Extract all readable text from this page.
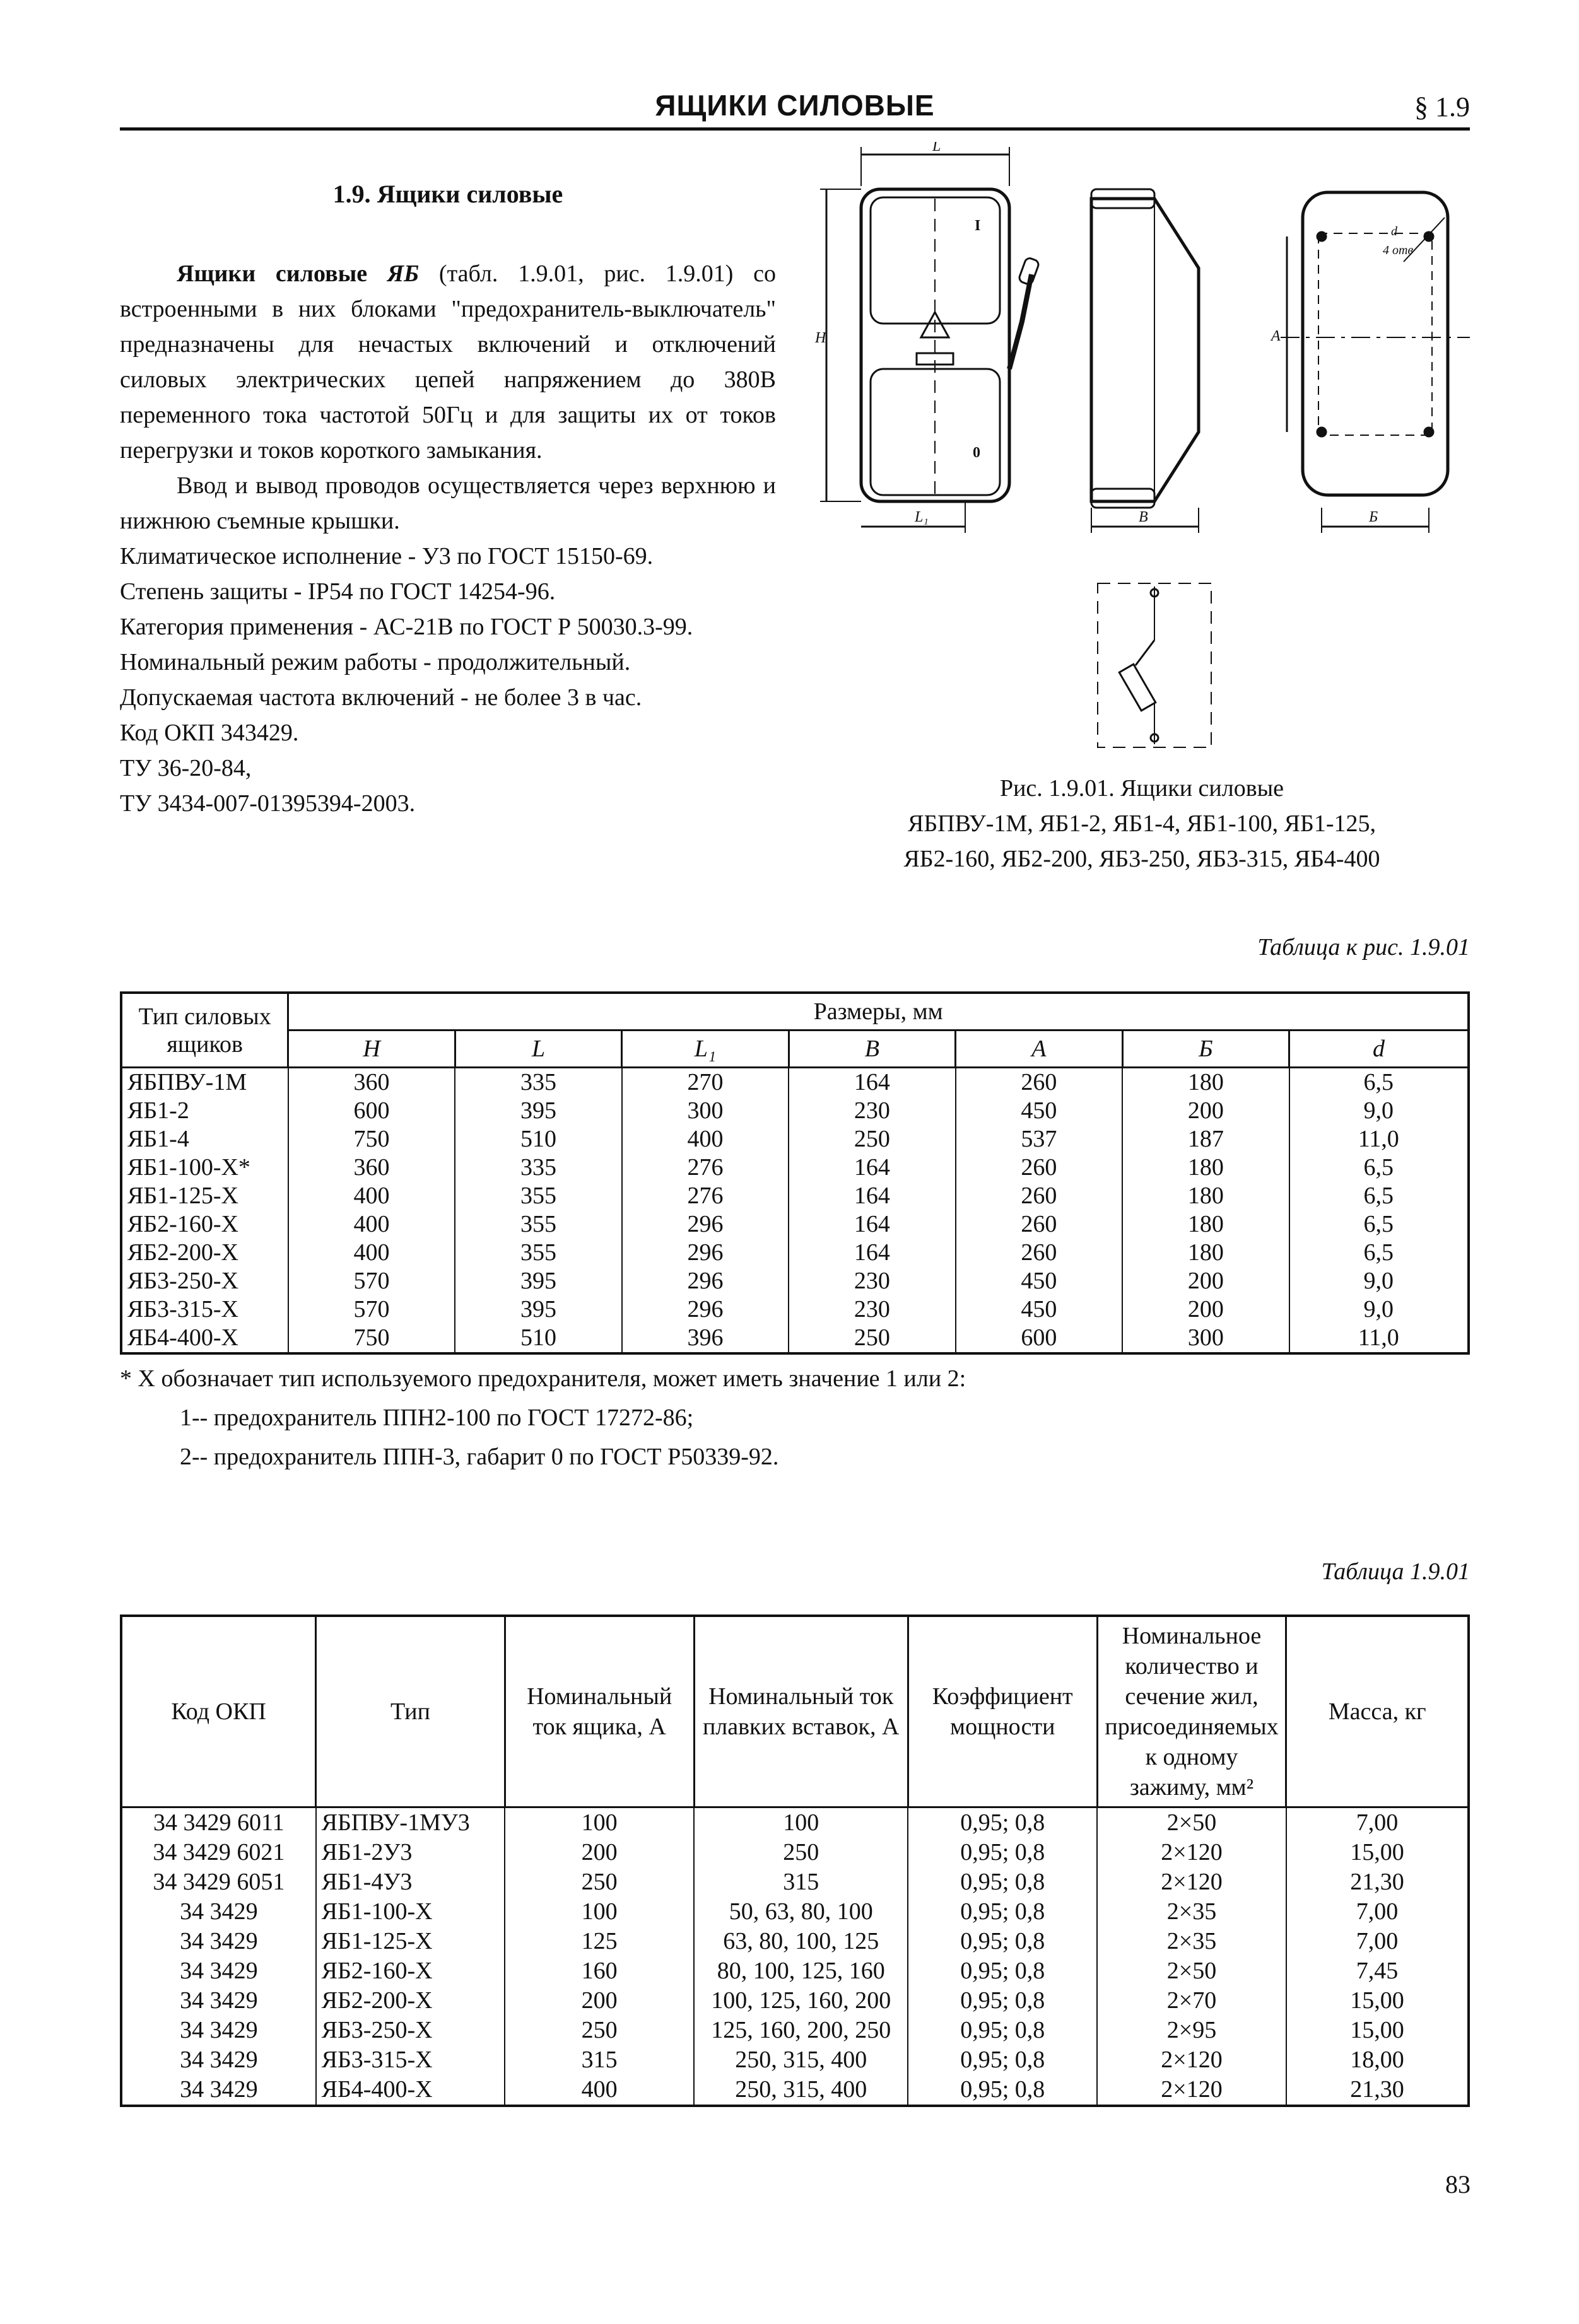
ЯЩИКИ СИЛОВЫЕ	§ 1.9
1.9. Ящики силовые

Ящики силовые ЯБ (табл. 1.9.01, рис. 1.9.01) со встроенными в них блоками "предохранитель-выключатель" предназначены для нечастых включений и отключений силовых электрических цепей напряжением до 380В переменного тока частотой 50Гц и для защиты их от токов перегрузки и токов короткого замыкания.

Ввод и вывод проводов осуществляется через верхнюю и нижнюю съемные крышки.

Климатическое исполнение - У3 по ГОСТ 15150-69.

Степень защиты - IP54 по ГОСТ 14254-96.

Категория применения - АС-21В по ГОСТ Р 50030.3-99.

Номинальный режим работы - продолжительный.

Допускаемая частота включений - не более 3 в час.

Код ОКП 343429.

ТУ 36-20-84,

ТУ 3434-007-01395394-2003.

L
I
0
H
L₁	B
4 отв
d
A
Б
Рис. 1.9.01. Ящики силовые
ЯБПВУ-1М, ЯБ1-2, ЯБ1-4, ЯБ1-100, ЯБ1-125,
ЯБ2-160, ЯБ2-200, ЯБ3-250, ЯБ3-315, ЯБ4-400
Таблица к рис. 1.9.01
Тип силовых ящиков	Размеры, мм						
	H	L	L₁	B	A	Б	d
ЯБПВУ-1М	360	335	270	164	260	180	6,5
ЯБ1-2	600	395	300	230	450	200	9,0
ЯБ1-4	750	510	400	250	537	187	11,0
ЯБ1-100-Х*	360	335	276	164	260	180	6,5
ЯБ1-125-Х	400	355	276	164	260	180	6,5
ЯБ2-160-Х	400	355	296	164	260	180	6,5
ЯБ2-200-Х	400	355	296	164	260	180	6,5
ЯБ3-250-Х	570	395	296	230	450	200	9,0
ЯБ3-315-Х	570	395	296	230	450	200	9,0
ЯБ4-400-Х	750	510	396	250	600	300	11,0

* Х обозначает тип используемого предохранителя, может иметь значение 1 или 2:

1-- предохранитель ППН2-100 по ГОСТ 17272-86;

2-- предохранитель ППН-3, габарит 0 по ГОСТ Р50339-92.

Таблица 1.9.01
Код ОКП	Тип	Номинальный ток ящика, А	Номинальный ток плавких вставок, А	Коэффициент мощности	Номинальное количество и сечение жил, присоединяемых к одному зажиму, мм²	Масса, кг
34 3429 6011	ЯБПВУ-1МУ3	100	100	0,95; 0,8	2×50	7,00
34 3429 6021	ЯБ1-2У3	200	250	0,95; 0,8	2×120	15,00
34 3429 6051	ЯБ1-4У3	250	315	0,95; 0,8	2×120	21,30
34 3429	ЯБ1-100-Х	100	50, 63, 80, 100	0,95; 0,8	2×35	7,00
34 3429	ЯБ1-125-Х	125	63, 80, 100, 125	0,95; 0,8	2×35	7,00
34 3429	ЯБ2-160-Х	160	80, 100, 125, 160	0,95; 0,8	2×50	7,45
34 3429	ЯБ2-200-Х	200	100, 125, 160, 200	0,95; 0,8	2×70	15,00
34 3429	ЯБ3-250-Х	250	125, 160, 200, 250	0,95; 0,8	2×95	15,00
34 3429	ЯБ3-315-Х	315	250, 315, 400	0,95; 0,8	2×120	18,00
34 3429	ЯБ4-400-Х	400	250, 315, 400	0,95; 0,8	2×120	21,30
83
